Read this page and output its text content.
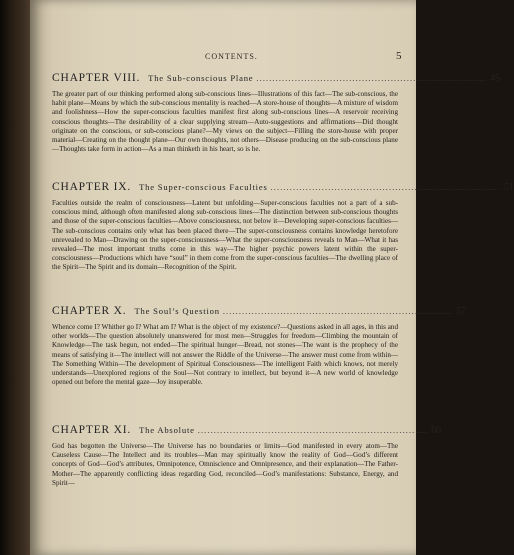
CONTENTS.	5
CHAPTER VIII. The Sub-conscious Plane ........................................................................ 45

The greater part of our thinking performed along sub-conscious lines—Illustrations of this fact—The sub-conscious, the habit plane—Means by which the sub-conscious mentality is reached—A store-house of thoughts—A mixture of wisdom and foolishness—How the super-conscious faculties manifest first along sub-conscious lines—A reservoir receiving conscious thoughts—The desirability of a clear supplying stream—Auto-suggestions and affirmations—Did thought originate on the conscious, or sub-conscious plane?—My views on the subject—Filling the store-house with proper material—Creating on the thought plane—Our own thoughts, not others—Disease producing on the sub-conscious plane—Thoughts take form in action—As a man thinketh in his heart, so is he.

CHAPTER IX. The Super-conscious Faculties ........................................................................ 51

Faculties outside the realm of consciousness—Latent but unfolding—Super-conscious faculties not a part of a sub-conscious mind, although often manifested along sub-conscious lines—The distinction between sub-conscious thoughts and those of the super-conscious faculties—Above consciousness, not below it—Developing super-conscious faculties—The sub-conscious contains only what has been placed there—The super-consciousness contains knowledge heretofore unrevealed to Man—Drawing on the super-consciousness—What the super-consciousness reveals to Man—What it has revealed—The most important truths come in this way—The higher psychic powers latent within the super-consciousness—Productions which have “soul” in them come from the super-conscious faculties—The dwelling place of the Spirit—The Spirit and its domain—Recognition of the Spirit.

CHAPTER X. The Soul’s Question ........................................................................ 57

Whence come I? Whither go I? What am I? What is the object of my existence?—Questions asked in all ages, in this and other worlds—The question absolutely unanswered for most men—Struggles for freedom—Climbing the mountain of Knowledge—The task begun, not ended—The spiritual hunger—Bread, not stones—The want is the prophecy of the means of satisfying it—The intellect will not answer the Riddle of the Universe—The answer must come from within—The Something Within—The development of Spiritual Consciousness—The intelligent Faith which knows, not merely understands—Unexplored regions of the Soul—Not contrary to intellect, but beyond it—A new world of knowledge opened out before the mental gaze—Joy insuperable.

CHAPTER XI. The Absolute ........................................................................ 60

God has begotten the Universe—The Universe has no boundaries or limits—God manifested in every atom—The Causeless Cause—The Intellect and its troubles—Man may spiritually know the reality of God—God’s different concepts of God—God’s attributes, Omnipotence, Omniscience and Omnipresence, and their explanation—The Father-Mother—The apparently conflicting ideas regarding God, reconciled—God’s manifestations: Substance, Energy, and Spirit—
